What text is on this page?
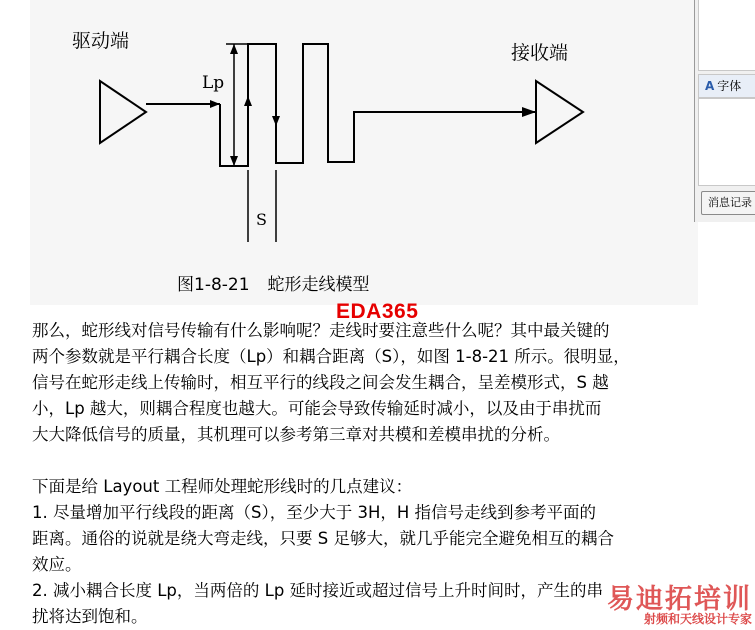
驱动端
接收端
Lp
S
图1-8-21 蛇形走线模型
A 字体
消息记录
EDA365

那么，蛇形线对信号传输有什么影响呢？走线时要注意些什么呢？其中最关键的

两个参数就是平行耦合长度（Lp）和耦合距离（S），如图 1-8-21 所示。很明显，

信号在蛇形走线上传输时，相互平行的线段之间会发生耦合，呈差模形式，S 越

小，Lp 越大，则耦合程度也越大。可能会导致传输延时减小，以及由于串扰而

大大降低信号的质量，其机理可以参考第三章对共模和差模串扰的分析。

下面是给 Layout 工程师处理蛇形线时的几点建议：

1. 尽量增加平行线段的距离（S），至少大于 3H，H 指信号走线到参考平面的

距离。通俗的说就是绕大弯走线，只要 S 足够大，就几乎能完全避免相互的耦合

效应。

2. 减小耦合长度 Lp，当两倍的 Lp 延时接近或超过信号上升时间时，产生的串

扰将达到饱和。

易迪拓培训
射频和天线设计专家
